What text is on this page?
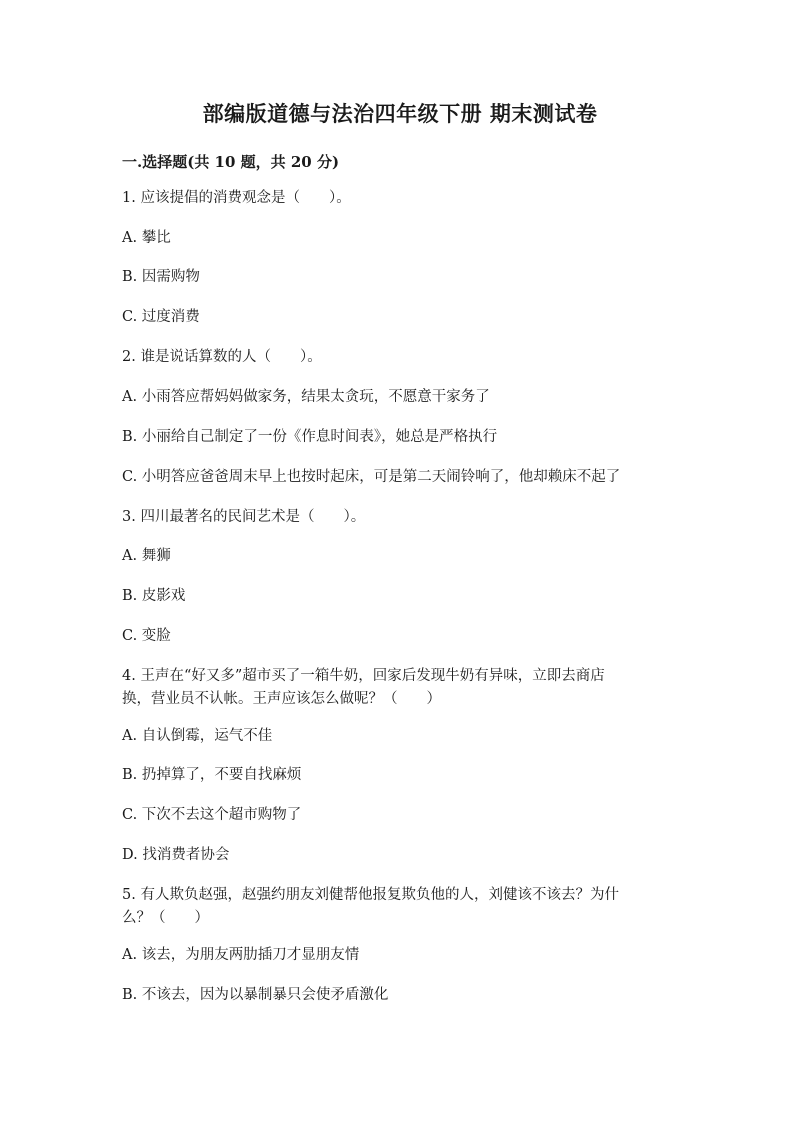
部编版道德与法治四年级下册 期末测试卷
一.选择题(共 10 题，共 20 分)
1. 应该提倡的消费观念是（　　）。
A. 攀比
B. 因需购物
C. 过度消费
2. 谁是说话算数的人（　　）。
A. 小雨答应帮妈妈做家务，结果太贪玩，不愿意干家务了
B. 小丽给自己制定了一份《作息时间表》，她总是严格执行
C. 小明答应爸爸周末早上也按时起床，可是第二天闹铃响了，他却赖床不起了
3. 四川最著名的民间艺术是（　　）。
A. 舞狮
B. 皮影戏
C. 变脸
4. 王声在“好又多”超市买了一箱牛奶，回家后发现牛奶有异味，立即去商店
换，营业员不认帐。王声应该怎么做呢？（　　）
A. 自认倒霉，运气不佳
B. 扔掉算了，不要自找麻烦
C. 下次不去这个超市购物了
D. 找消费者协会
5. 有人欺负赵强，赵强约朋友刘健帮他报复欺负他的人，刘健该不该去？为什
么？（　　）
A. 该去，为朋友两肋插刀才显朋友情
B. 不该去，因为以暴制暴只会使矛盾激化
